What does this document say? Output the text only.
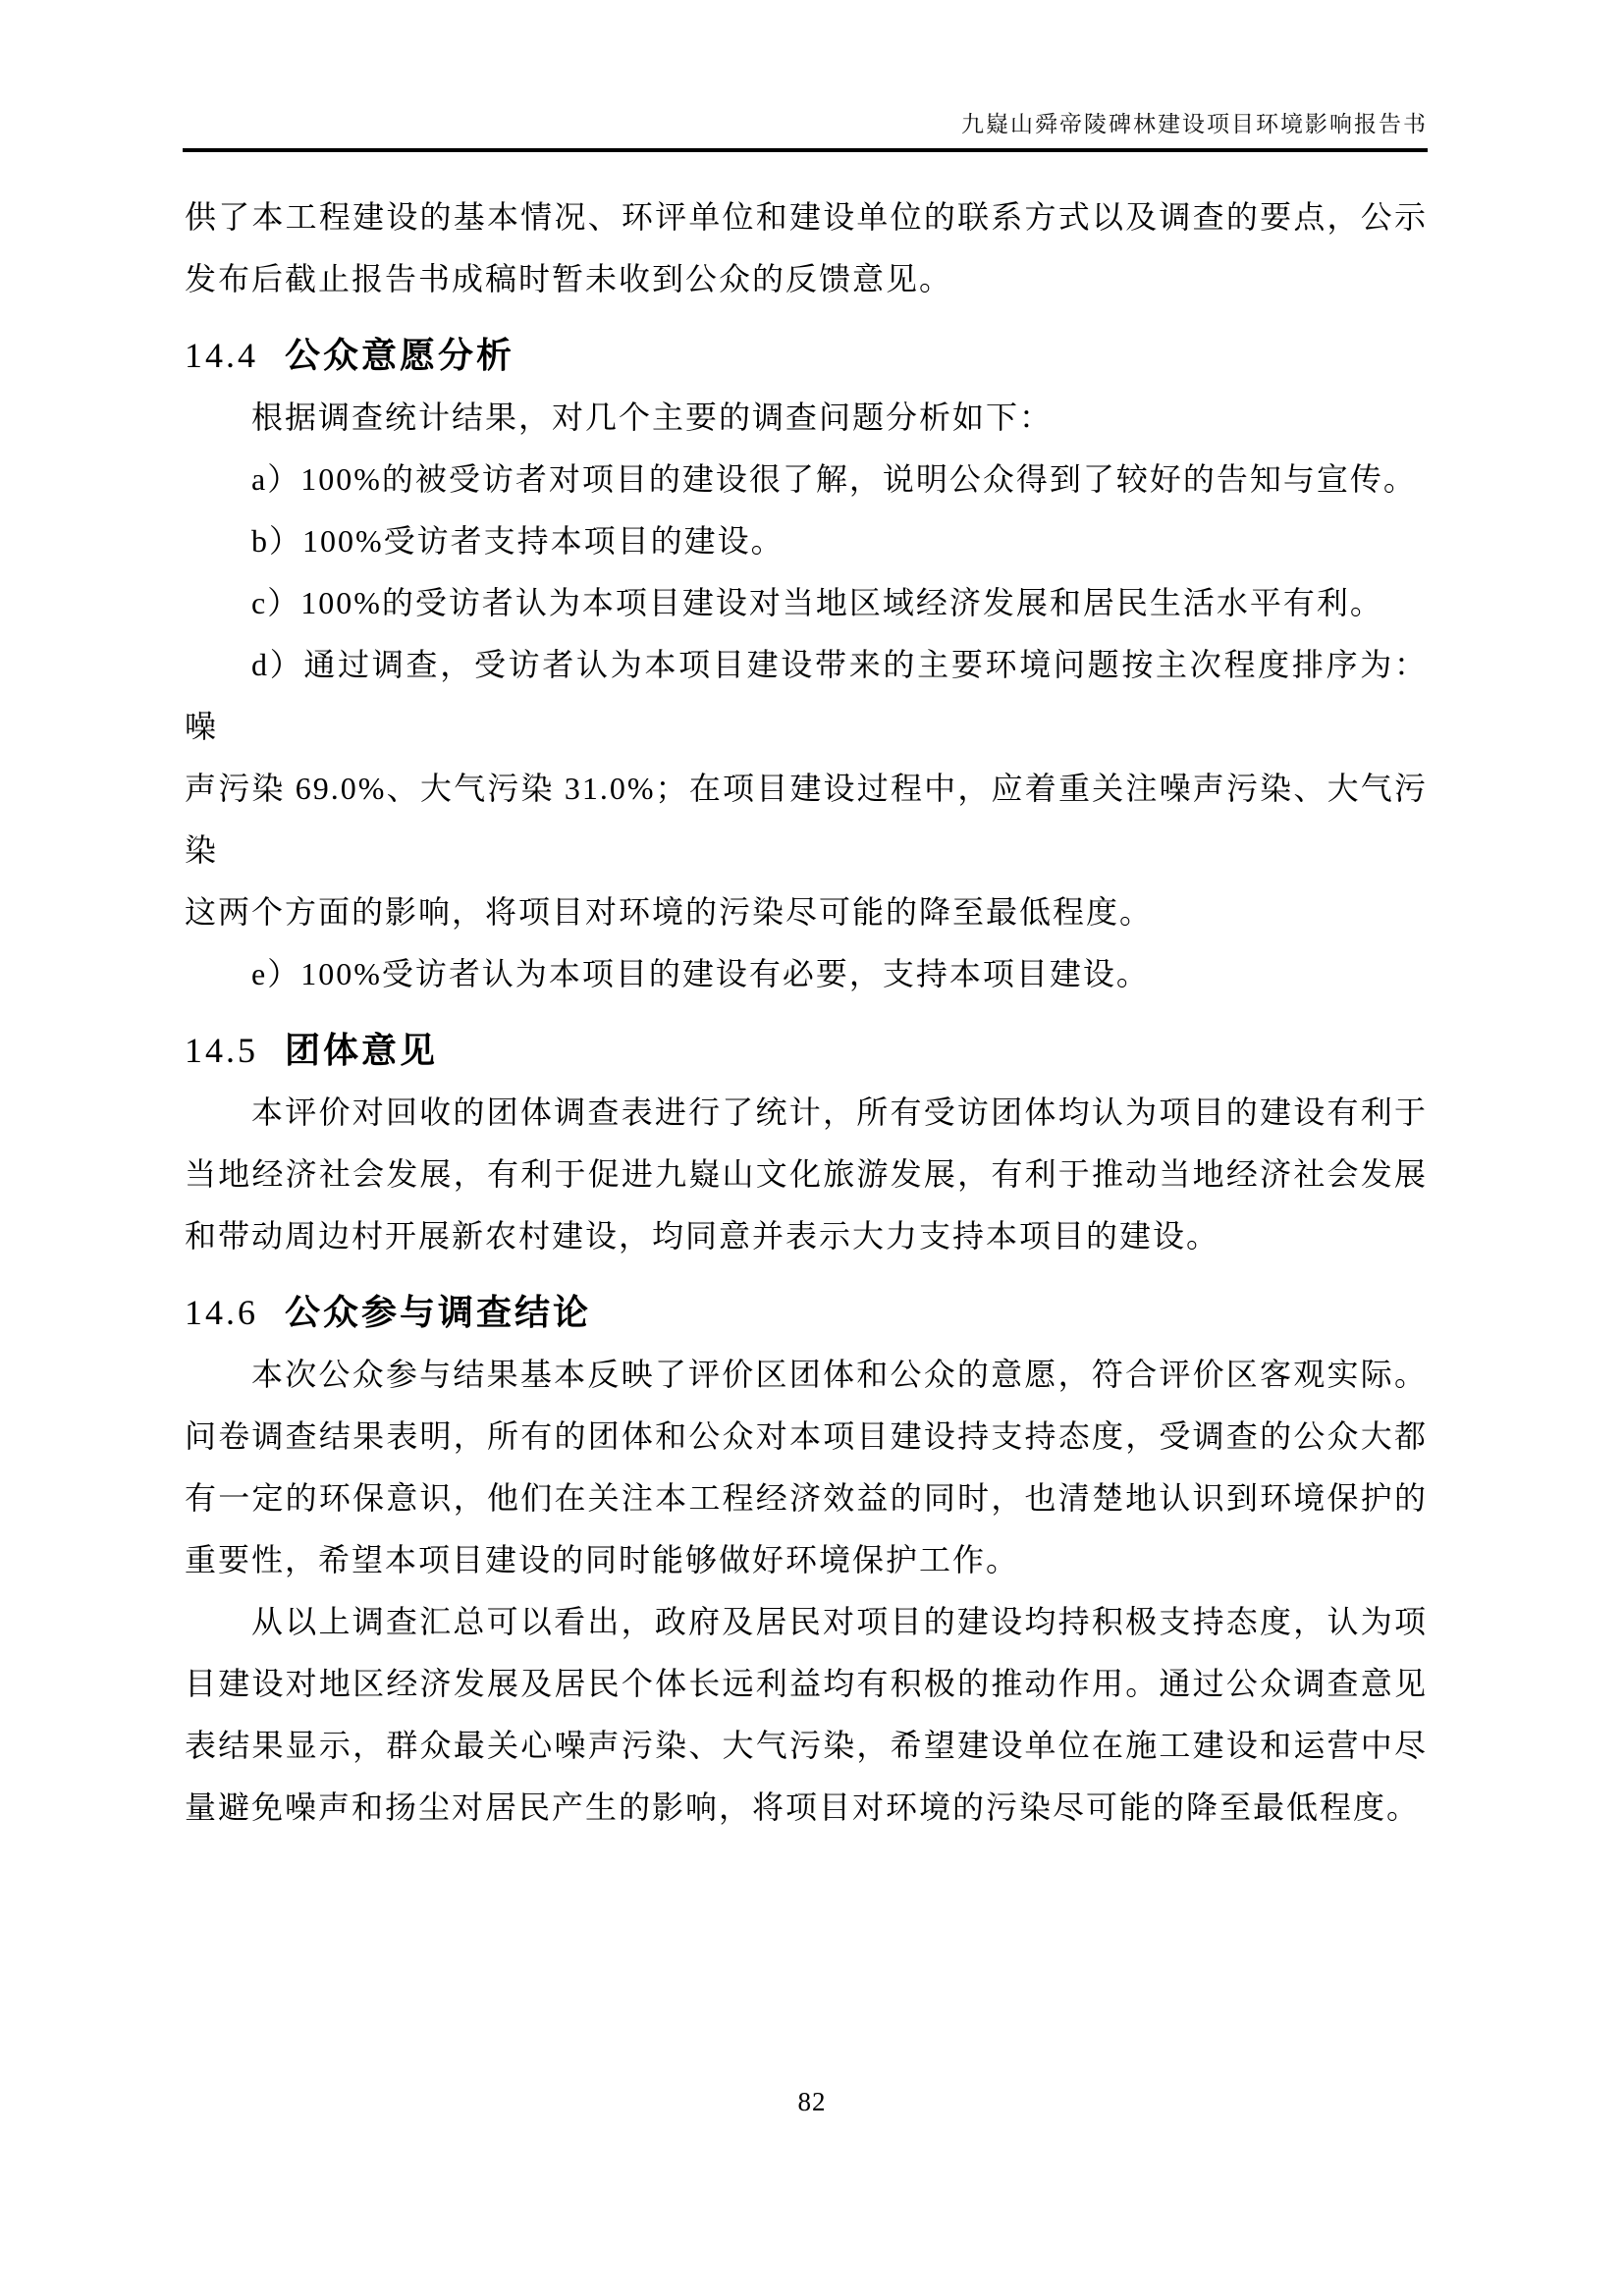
九嶷山舜帝陵碑林建设项目环境影响报告书
供了本工程建设的基本情况、环评单位和建设单位的联系方式以及调查的要点，公示
发布后截止报告书成稿时暂未收到公众的反馈意见。
14.4 公众意愿分析
根据调查统计结果，对几个主要的调查问题分析如下：
a）100%的被受访者对项目的建设很了解，说明公众得到了较好的告知与宣传。
b）100%受访者支持本项目的建设。
c）100%的受访者认为本项目建设对当地区域经济发展和居民生活水平有利。
d）通过调查，受访者认为本项目建设带来的主要环境问题按主次程度排序为：噪
声污染 69.0%、大气污染 31.0%；在项目建设过程中，应着重关注噪声污染、大气污染
这两个方面的影响，将项目对环境的污染尽可能的降至最低程度。
e）100%受访者认为本项目的建设有必要，支持本项目建设。
14.5 团体意见
本评价对回收的团体调查表进行了统计，所有受访团体均认为项目的建设有利于
当地经济社会发展，有利于促进九嶷山文化旅游发展，有利于推动当地经济社会发展
和带动周边村开展新农村建设，均同意并表示大力支持本项目的建设。
14.6 公众参与调查结论
本次公众参与结果基本反映了评价区团体和公众的意愿，符合评价区客观实际。
问卷调查结果表明，所有的团体和公众对本项目建设持支持态度，受调查的公众大都
有一定的环保意识，他们在关注本工程经济效益的同时，也清楚地认识到环境保护的
重要性，希望本项目建设的同时能够做好环境保护工作。
从以上调查汇总可以看出，政府及居民对项目的建设均持积极支持态度，认为项
目建设对地区经济发展及居民个体长远利益均有积极的推动作用。通过公众调查意见
表结果显示，群众最关心噪声污染、大气污染，希望建设单位在施工建设和运营中尽
量避免噪声和扬尘对居民产生的影响，将项目对环境的污染尽可能的降至最低程度。
82
